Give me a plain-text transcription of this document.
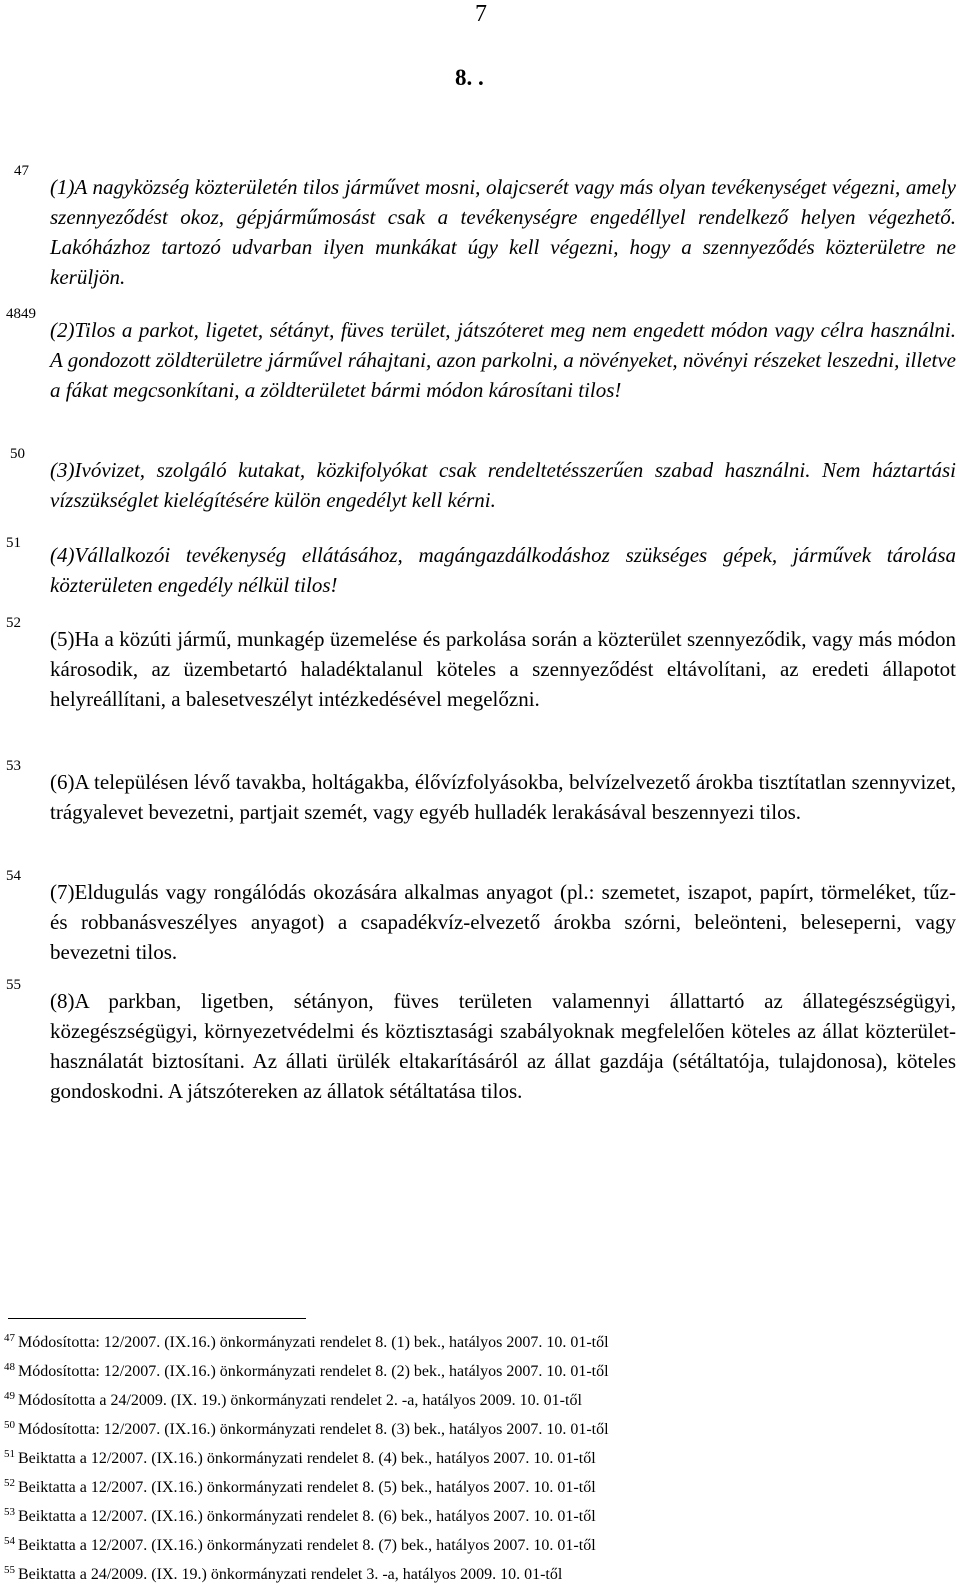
7
8. .
47
(1)A nagyközség közterületén tilos járművet mosni, olajcserét vagy más olyan tevékenységet végezni, amely szennyeződést okoz, gépjárműmosást csak a tevékenységre engedéllyel rendelkező helyen végezhető. Lakóházhoz tartozó udvarban ilyen munkákat úgy kell végezni, hogy a szennyeződés közterületre ne kerüljön.
4849
(2)Tilos a parkot, ligetet, sétányt, füves terület, játszóteret meg nem engedett módon vagy célra használni. A gondozott zöldterületre járművel ráhajtani, azon parkolni, a növényeket, növényi részeket leszedni, illetve a fákat megcsonkítani, a zöldterületet bármi módon károsítani tilos!
50
(3)Ivóvizet, szolgáló kutakat, közkifolyókat csak rendeltetésszerűen szabad használni. Nem háztartási vízszükséglet kielégítésére külön engedélyt kell kérni.
51 (4)Vállalkozói tevékenység ellátásához, magángazdálkodáshoz szükséges gépek, járművek tárolása közterületen engedély nélkül tilos!
52
(5)Ha a közúti jármű, munkagép üzemelése és parkolása során a közterület szennyeződik, vagy más módon károsodik, az üzembetartó haladéktalanul köteles a szennyeződést eltávolítani, az eredeti állapotot helyreállítani, a balesetveszélyt intézkedésével megelőzni.
53
(6)A településen lévő tavakba, holtágakba, élővízfolyásokba, belvízelvezető árokba tisztítatlan szennyvizet, trágyalevet bevezetni, partjait szemét, vagy egyéb hulladék lerakásával beszennyezi tilos.
54
(7)Eldugulás vagy rongálódás okozására alkalmas anyagot (pl.: szemetet, iszapot, papírt, törmeléket, tűz- és robbanásveszélyes anyagot) a csapadékvíz-elvezető árokba szórni, beleönteni, beleseperni, vagy bevezetni tilos.
55
(8)A parkban, ligetben, sétányon, füves területen valamennyi állattartó az állategészségügyi, közegészségügyi, környezetvédelmi és köztisztasági szabályoknak megfelelően köteles az állat közterület-használatát biztosítani. Az állati ürülék eltakarításáról az állat gazdája (sétáltatója, tulajdonosa), köteles gondoskodni. A játszótereken az állatok sétáltatása tilos.
$^{47}$ Módosította: 12/2007. (IX.16.) önkormányzati rendelet 8. (1) bek., hatályos 2007. 10. 01-től
$^{48}$ Módosította: 12/2007. (IX.16.) önkormányzati rendelet 8. (2) bek., hatályos 2007. 10. 01-től
$^{49}$ Módosította a 24/2009. (IX. 19.) önkormányzati rendelet 2. -a, hatályos 2009. 10. 01-től
$^{50}$ Módosította: 12/2007. (IX.16.) önkormányzati rendelet 8. (3) bek., hatályos 2007. 10. 01-től
$^{51}$ Beiktatta a 12/2007. (IX.16.) önkormányzati rendelet 8. (4) bek., hatályos 2007. 10. 01-től
$^{52}$ Beiktatta a 12/2007. (IX.16.) önkormányzati rendelet 8. (5) bek., hatályos 2007. 10. 01-től
$^{53}$ Beiktatta a 12/2007. (IX.16.) önkormányzati rendelet 8. (6) bek., hatályos 2007. 10. 01-től
$^{54}$ Beiktatta a 12/2007. (IX.16.) önkormányzati rendelet 8. (7) bek., hatályos 2007. 10. 01-től
$^{55}$ Beiktatta a 24/2009. (IX. 19.) önkormányzati rendelet 3. -a, hatályos 2009. 10. 01-től
